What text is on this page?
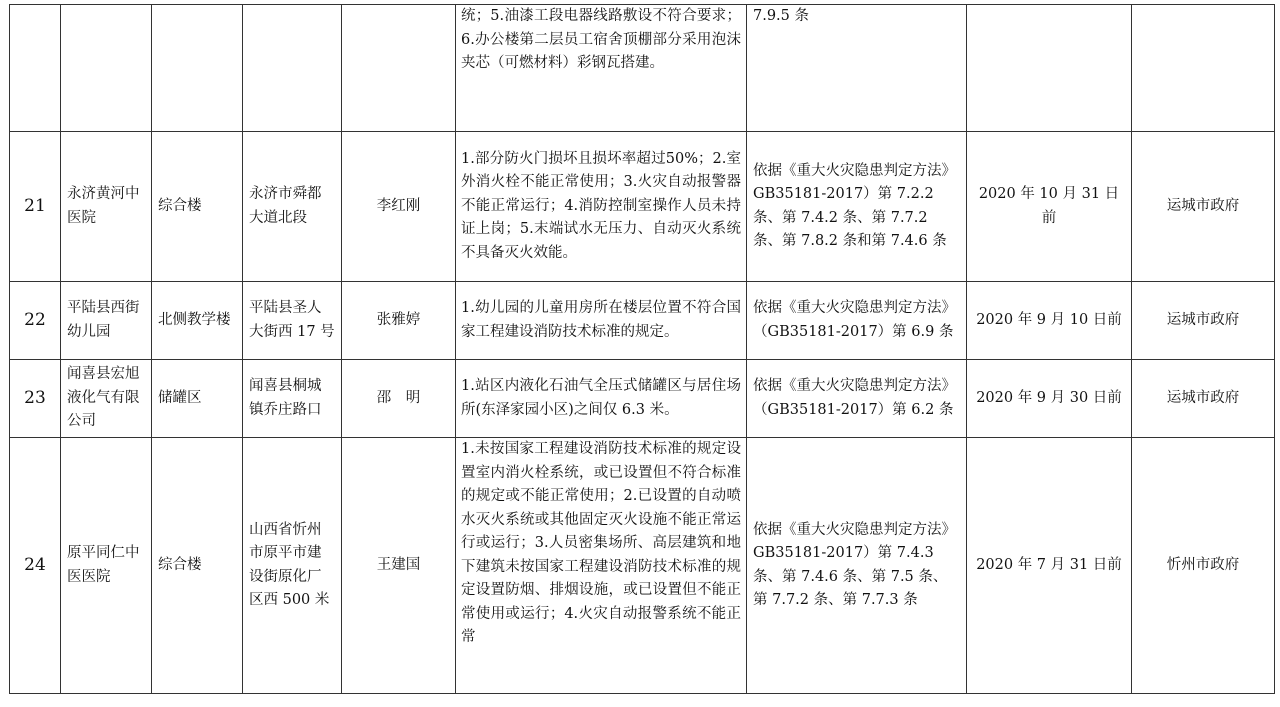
					统；5.油漆工段电器线路敷设不符合要求；6.办公楼第二层员工宿舍顶棚部分采用泡沫夹芯（可燃材料）彩钢瓦搭建。	7.9.5 条		
21	永济黄河中医院	综合楼	永济市舜都大道北段	李红刚	1.部分防火门损坏且损坏率超过50%；2.室外消火栓不能正常使用；3.火灾自动报警器不能正常运行；4.消防控制室操作人员未持证上岗；5.末端试水无压力、自动灭火系统不具备灭火效能。	依据《重大火灾隐患判定方法》GB35181-2017）第 7.2.2 条、第 7.4.2 条、第 7.7.2 条、第 7.8.2 条和第 7.4.6 条	2020 年 10 月 31 日前	运城市政府
22	平陆县西街幼儿园	北侧教学楼	平陆县圣人大街西 17 号	张雅婷	1.幼儿园的儿童用房所在楼层位置不符合国家工程建设消防技术标准的规定。	依据《重大火灾隐患判定方法》（GB35181-2017）第 6.9 条	2020 年 9 月 10 日前	运城市政府
23	闻喜县宏旭液化气有限公司	储罐区	闻喜县桐城镇乔庄路口	邵　明	1.站区内液化石油气全压式储罐区与居住场所(东泽家园小区)之间仅 6.3 米。	依据《重大火灾隐患判定方法》（GB35181-2017）第 6.2 条	2020 年 9 月 30 日前	运城市政府
24	原平同仁中医医院	综合楼	山西省忻州市原平市建设街原化厂区西 500 米	王建国	1.未按国家工程建设消防技术标准的规定设置室内消火栓系统，或已设置但不符合标准的规定或不能正常使用；2.已设置的自动喷水灭火系统或其他固定灭火设施不能正常运行或运行；3.人员密集场所、高层建筑和地下建筑未按国家工程建设消防技术标准的规定设置防烟、排烟设施，或已设置但不能正常使用或运行；4.火灾自动报警系统不能正常	依据《重大火灾隐患判定方法》GB35181-2017）第 7.4.3 条、第 7.4.6 条、第 7.5 条、第 7.7.2 条、第 7.7.3 条	2020 年 7 月 31 日前	忻州市政府
